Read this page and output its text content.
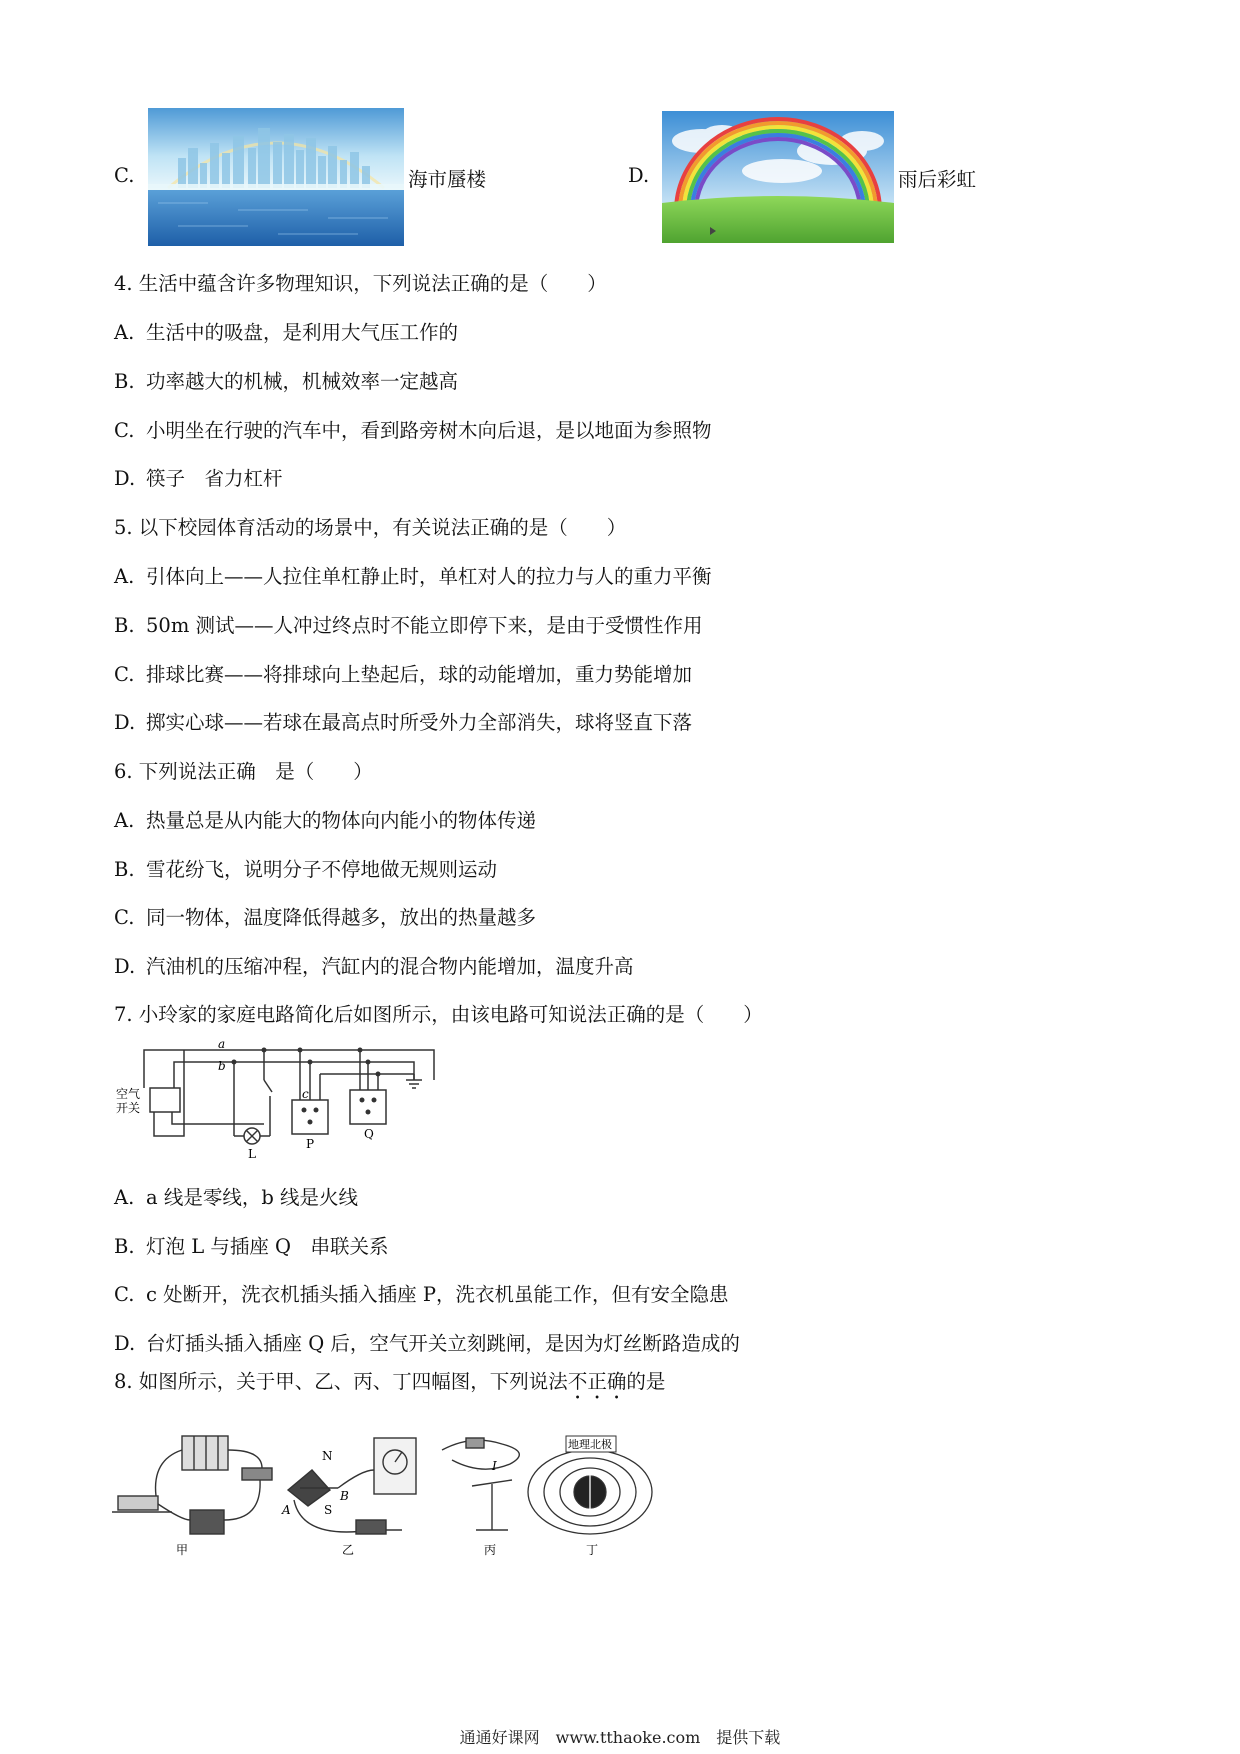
C.	海市蜃楼	D.	雨后彩虹
4. 生活中蕴含许多物理知识，下列说法正确的是（　　）
A. 生活中的吸盘，是利用大气压工作的
B. 功率越大的机械，机械效率一定越高
C. 小明坐在行驶的汽车中，看到路旁树木向后退，是以地面为参照物
D. 筷子　省力杠杆
5. 以下校园体育活动的场景中，有关说法正确的是（　　）
A. 引体向上——人拉住单杠静止时，单杠对人的拉力与人的重力平衡
B. 50m 测试——人冲过终点时不能立即停下来，是由于受惯性作用
C. 排球比赛——将排球向上垫起后，球的动能增加，重力势能增加
D. 掷实心球——若球在最高点时所受外力全部消失，球将竖直下落
6. 下列说法正确　是（　　）
A. 热量总是从内能大的物体向内能小的物体传递
B. 雪花纷飞，说明分子不停地做无规则运动
C. 同一物体，温度降低得越多，放出的热量越多
D. 汽油机的压缩冲程，汽缸内的混合物内能增加，温度升高
7. 小玲家的家庭电路简化后如图所示，由该电路可知说法正确的是（　　）
空气
开关
a
b
c
L
P
Q
A. a 线是零线，b 线是火线
B. 灯泡 L 与插座 Q　串联关系
C. c 处断开，洗衣机插头插入插座 P，洗衣机虽能工作，但有安全隐患
D. 台灯插头插入插座 Q 后，空气开关立刻跳闸，是因为灯丝断路造成的
8. 如图所示，关于甲、乙、丙、丁四幅图，下列说法不正确的是
甲
N
S
A
B
乙
I
丙
地理北极
丁
通通好课网　www.tthaoke.com　提供下载
